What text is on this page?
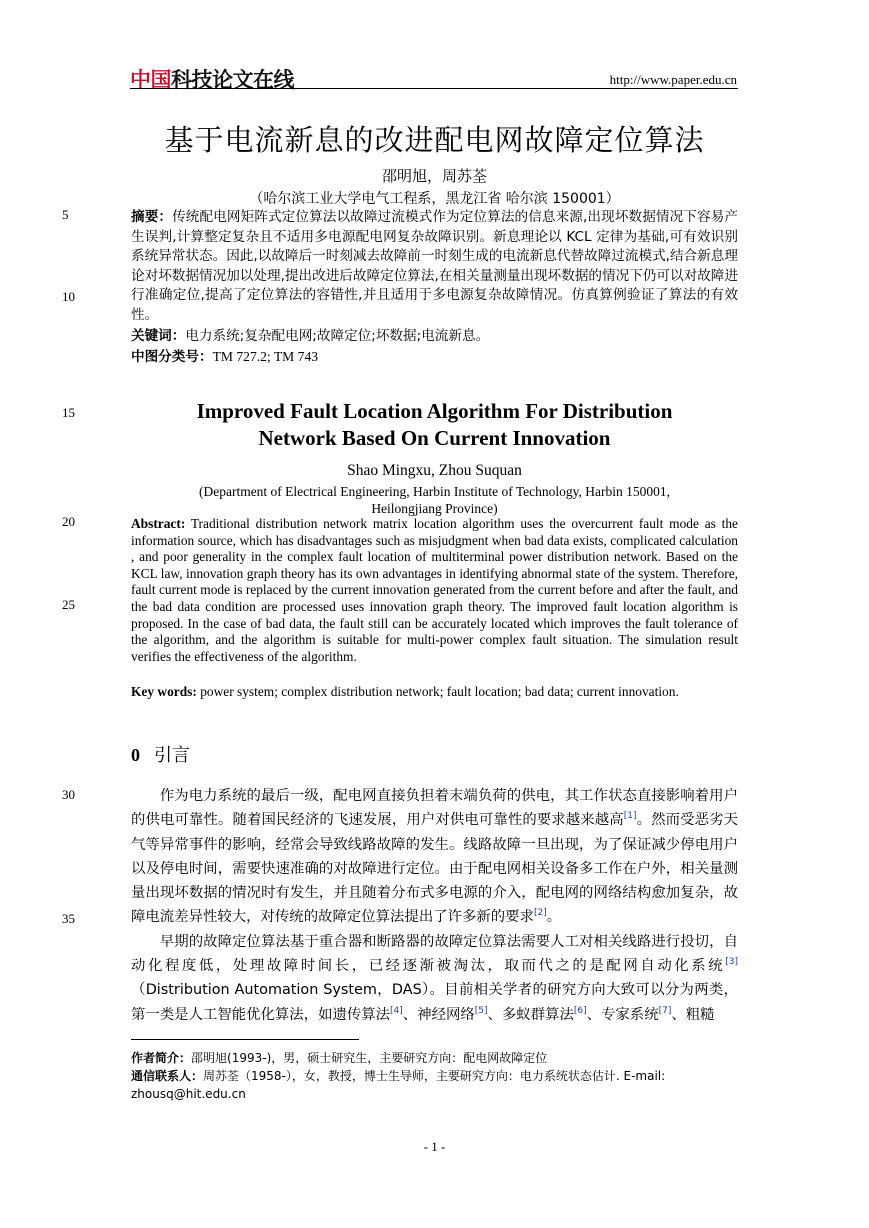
中国科技论文在线	http://www.paper.edu.cn
基于电流新息的改进配电网故障定位算法
邵明旭，周苏荃
（哈尔滨工业大学电气工程系，黑龙江省 哈尔滨 150001）
5
10
15
20
25
30
35
摘要：传统配电网矩阵式定位算法以故障过流模式作为定位算法的信息来源,出现坏数据情况下容易产生误判,计算整定复杂且不适用多电源配电网复杂故障识别。新息理论以 KCL 定律为基础,可有效识别系统异常状态。因此,以故障后一时刻减去故障前一时刻生成的电流新息代替故障过流模式,结合新息理论对坏数据情况加以处理,提出改进后故障定位算法,在相关量测量出现坏数据的情况下仍可以对故障进行准确定位,提高了定位算法的容错性,并且适用于多电源复杂故障情况。仿真算例验证了算法的有效性。
关键词：电力系统;复杂配电网;故障定位;坏数据;电流新息。
中图分类号：TM 727.2; TM 743
Improved Fault Location Algorithm For Distribution
Network Based On Current Innovation
Shao Mingxu, Zhou Suquan
(Department of Electrical Engineering, Harbin Institute of Technology, Harbin 150001,
Heilongjiang Province)
Abstract: Traditional distribution network matrix location algorithm uses the overcurrent fault mode as the information source, which has disadvantages such as misjudgment when bad data exists, complicated calculation , and poor generality in the complex fault location of multiterminal power distribution network. Based on the KCL law, innovation graph theory has its own advantages in identifying abnormal state of the system. Therefore, fault current mode is replaced by the current innovation generated from the current before and after the fault, and the bad data condition are processed uses innovation graph theory. The improved fault location algorithm is proposed. In the case of bad data, the fault still can be accurately located which improves the fault tolerance of the algorithm, and the algorithm is suitable for multi-power complex fault situation. The simulation result verifies the effectiveness of the algorithm.
Key words: power system; complex distribution network; fault location; bad data; current innovation.
0 引言

作为电力系统的最后一级，配电网直接负担着末端负荷的供电，其工作状态直接影响着用户的供电可靠性。随着国民经济的飞速发展，用户对供电可靠性的要求越来越高[1]。然而受恶劣天气等异常事件的影响，经常会导致线路故障的发生。线路故障一旦出现，为了保证减少停电用户以及停电时间，需要快速准确的对故障进行定位。由于配电网相关设备多工作在户外，相关量测量出现坏数据的情况时有发生，并且随着分布式多电源的介入，配电网的网络结构愈加复杂，故障电流差异性较大，对传统的故障定位算法提出了许多新的要求[2]。

早期的故障定位算法基于重合器和断路器的故障定位算法需要人工对相关线路进行投切，自动化程度低，处理故障时间长，已经逐渐被淘汰，取而代之的是配网自动化系统[3]（Distribution Automation System，DAS）。目前相关学者的研究方向大致可以分为两类，第一类是人工智能优化算法，如遗传算法[4]、神经网络[5]、多蚁群算法[6]、专家系统[7]、粗糙

作者简介：邵明旭(1993-)，男，硕士研究生，主要研究方向：配电网故障定位
通信联系人：周苏荃（1958-），女，教授，博士生导师，主要研究方向：电力系统状态估计. E-mail: zhousq@hit.edu.cn
- 1 -
